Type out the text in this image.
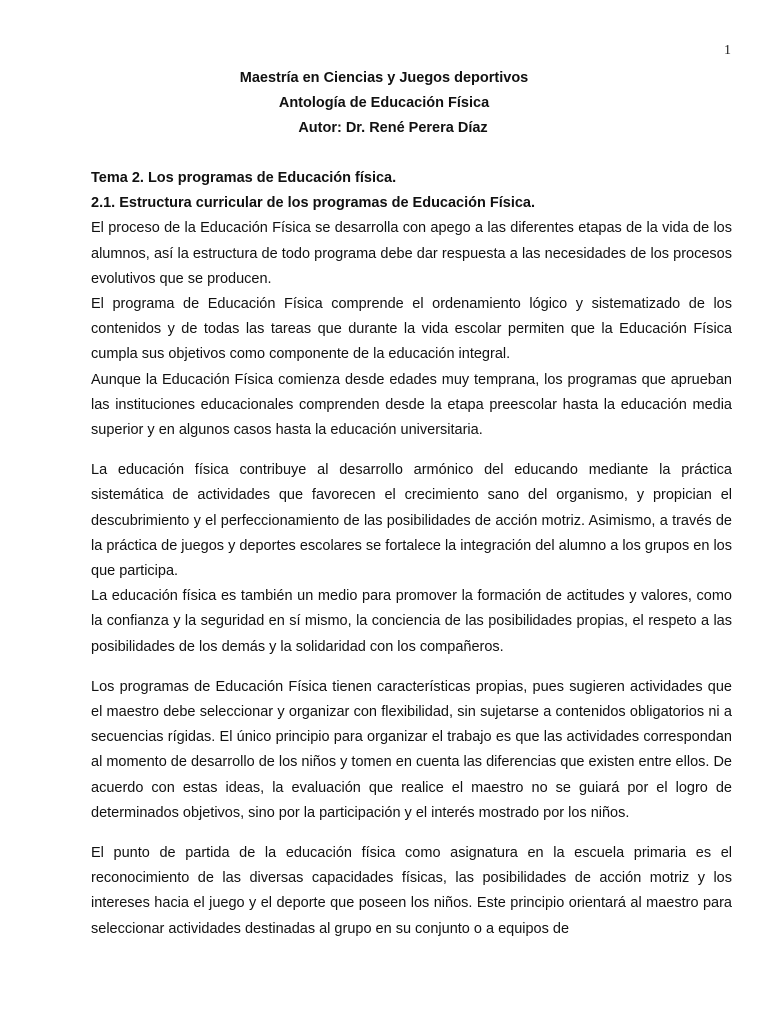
1
Maestría en Ciencias y Juegos deportivos
Antología de Educación Física
Autor: Dr. René Perera Díaz

Tema 2. Los programas de Educación física.

2.1. Estructura curricular de los programas de Educación Física.

El proceso de la Educación Física se desarrolla con apego a las diferentes etapas de la vida de los alumnos, así la estructura de todo programa debe dar respuesta a las necesidades de los procesos evolutivos que se producen.

El programa de Educación Física comprende el ordenamiento lógico y sistematizado de los contenidos y de todas las tareas que durante la vida escolar permiten que la Educación Física cumpla sus objetivos como componente de la educación integral.

Aunque la Educación Física comienza desde edades muy temprana, los programas que aprueban las instituciones educacionales comprenden desde la etapa preescolar hasta la educación media superior y en algunos casos hasta la educación universitaria.

La educación física contribuye al desarrollo armónico del educando mediante la práctica sistemática de actividades que favorecen el crecimiento sano del organismo, y propician el descubrimiento y el perfeccionamiento de las posibilidades de acción motriz. Asimismo, a través de la práctica de juegos y deportes escolares se fortalece la integración del alumno a los grupos en los que participa.

La educación física es también un medio para promover la formación de actitudes y valores, como la confianza y la seguridad en sí mismo, la conciencia de las posibilidades propias, el respeto a las posibilidades de los demás y la solidaridad con los compañeros.

Los programas de Educación Física tienen características propias, pues sugieren actividades que el maestro debe seleccionar y organizar con flexibilidad, sin sujetarse a contenidos obligatorios ni a secuencias rígidas. El único principio para organizar el trabajo es que las actividades correspondan al momento de desarrollo de los niños y tomen en cuenta las diferencias que existen entre ellos. De acuerdo con estas ideas, la evaluación que realice el maestro no se guiará por el logro de determinados objetivos, sino por la participación y el interés mostrado por los niños.

El punto de partida de la educación física como asignatura en la escuela primaria es el reconocimiento de las diversas capacidades físicas, las posibilidades de acción motriz y los intereses hacia el juego y el deporte que poseen los niños. Este principio orientará al maestro para seleccionar actividades destinadas al grupo en su conjunto o a equipos de
